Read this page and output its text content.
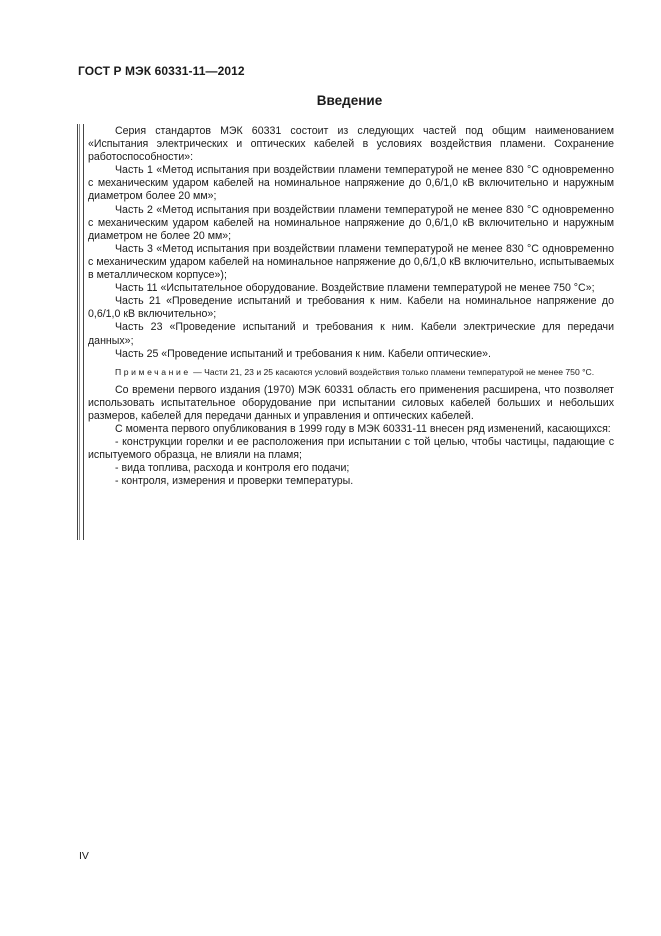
ГОСТ Р МЭК 60331-11—2012
Введение

Серия стандартов МЭК 60331 состоит из следующих частей под общим наименованием «Испытания электрических и оптических кабелей в условиях воздействия пламени. Сохранение работоспособности»:

Часть 1 «Метод испытания при воздействии пламени температурой не менее 830 °C одновременно с механическим ударом кабелей на номинальное напряжение до 0,6/1,0 кВ включительно и наружным диаметром более 20 мм»;

Часть 2 «Метод испытания при воздействии пламени температурой не менее 830 °C одновременно с механическим ударом кабелей на номинальное напряжение до 0,6/1,0 кВ включительно и наружным диаметром не более 20 мм»;

Часть 3 «Метод испытания при воздействии пламени температурой не менее 830 °C одновременно с механическим ударом кабелей на номинальное напряжение до 0,6/1,0 кВ включительно, испытываемых в металлическом корпусе»);

Часть 11 «Испытательное оборудование. Воздействие пламени температурой не менее 750 °C»;

Часть 21 «Проведение испытаний и требования к ним. Кабели на номинальное напряжение до 0,6/1,0 кВ включительно»;

Часть 23 «Проведение испытаний и требования к ним. Кабели электрические для передачи данных»;

Часть 25 «Проведение испытаний и требования к ним. Кабели оптические».

Примечание — Части 21, 23 и 25 касаются условий воздействия только пламени температурой не менее 750 °C.

Со времени первого издания (1970) МЭК 60331 область его применения расширена, что позволяет использовать испытательное оборудование при испытании силовых кабелей больших и небольших размеров, кабелей для передачи данных и управления и оптических кабелей.

С момента первого опубликования в 1999 году в МЭК 60331-11 внесен ряд изменений, касающихся:

- конструкции горелки и ее расположения при испытании с той целью, чтобы частицы, падающие с испытуемого образца, не влияли на пламя;

- вида топлива, расхода и контроля его подачи;

- контроля, измерения и проверки температуры.

IV
